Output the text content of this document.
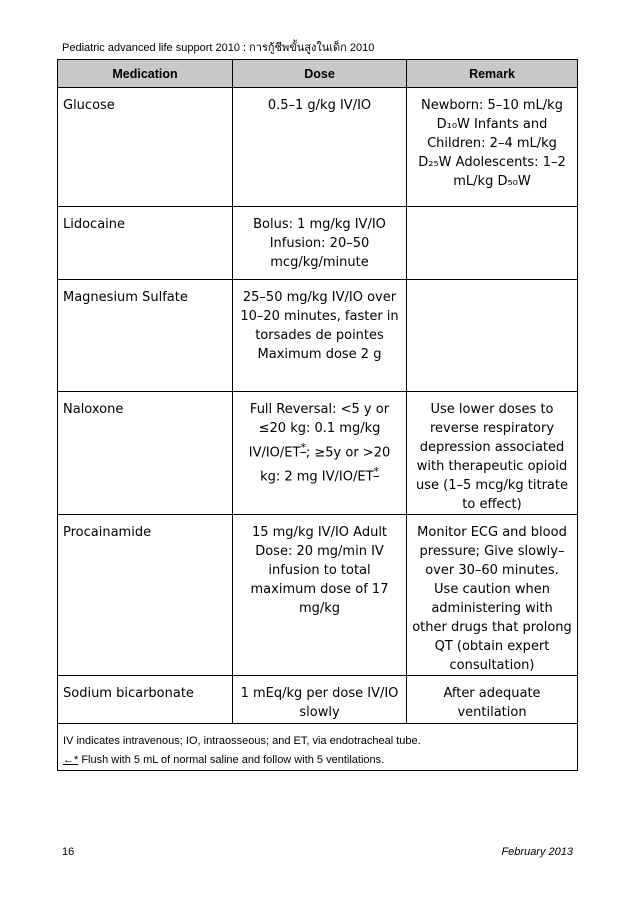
Pediatric advanced life support 2010 : การกู้ชีพขั้นสูงในเด็ก 2010
Medication	Dose	Remark
Glucose	0.5–1 g/kg IV/IO	Newborn: 5–10 mL/kg D₁₀W Infants and Children: 2–4 mL/kg D₂₅W Adolescents: 1–2 mL/kg D₅₀W
Lidocaine	Bolus: 1 mg/kg IV/IO Infusion: 20–50 mcg/kg/minute	
Magnesium Sulfate	25–50 mg/kg IV/IO over 10–20 minutes, faster in torsades de pointes Maximum dose 2 g	
Naloxone	Full Reversal: <5 y or ≤20 kg: 0.1 mg/kg IV/IO/ET*; ≥5y or >20 kg: 2 mg IV/IO/ET*	Use lower doses to reverse respiratory depression associated with therapeutic opioid use (1–5 mcg/kg titrate to effect)
Procainamide	15 mg/kg IV/IO Adult Dose: 20 mg/min IV infusion to total maximum dose of 17 mg/kg	Monitor ECG and blood pressure; Give slowly–over 30–60 minutes. Use caution when administering with other drugs that prolong QT (obtain expert consultation)
Sodium bicarbonate	1 mEq/kg per dose IV/IO slowly	After adequate ventilation

IV indicates intravenous; IO, intraosseous; and ET, via endotracheal tube.
←* Flush with 5 mL of normal saline and follow with 5 ventilations.		
16	February 2013
